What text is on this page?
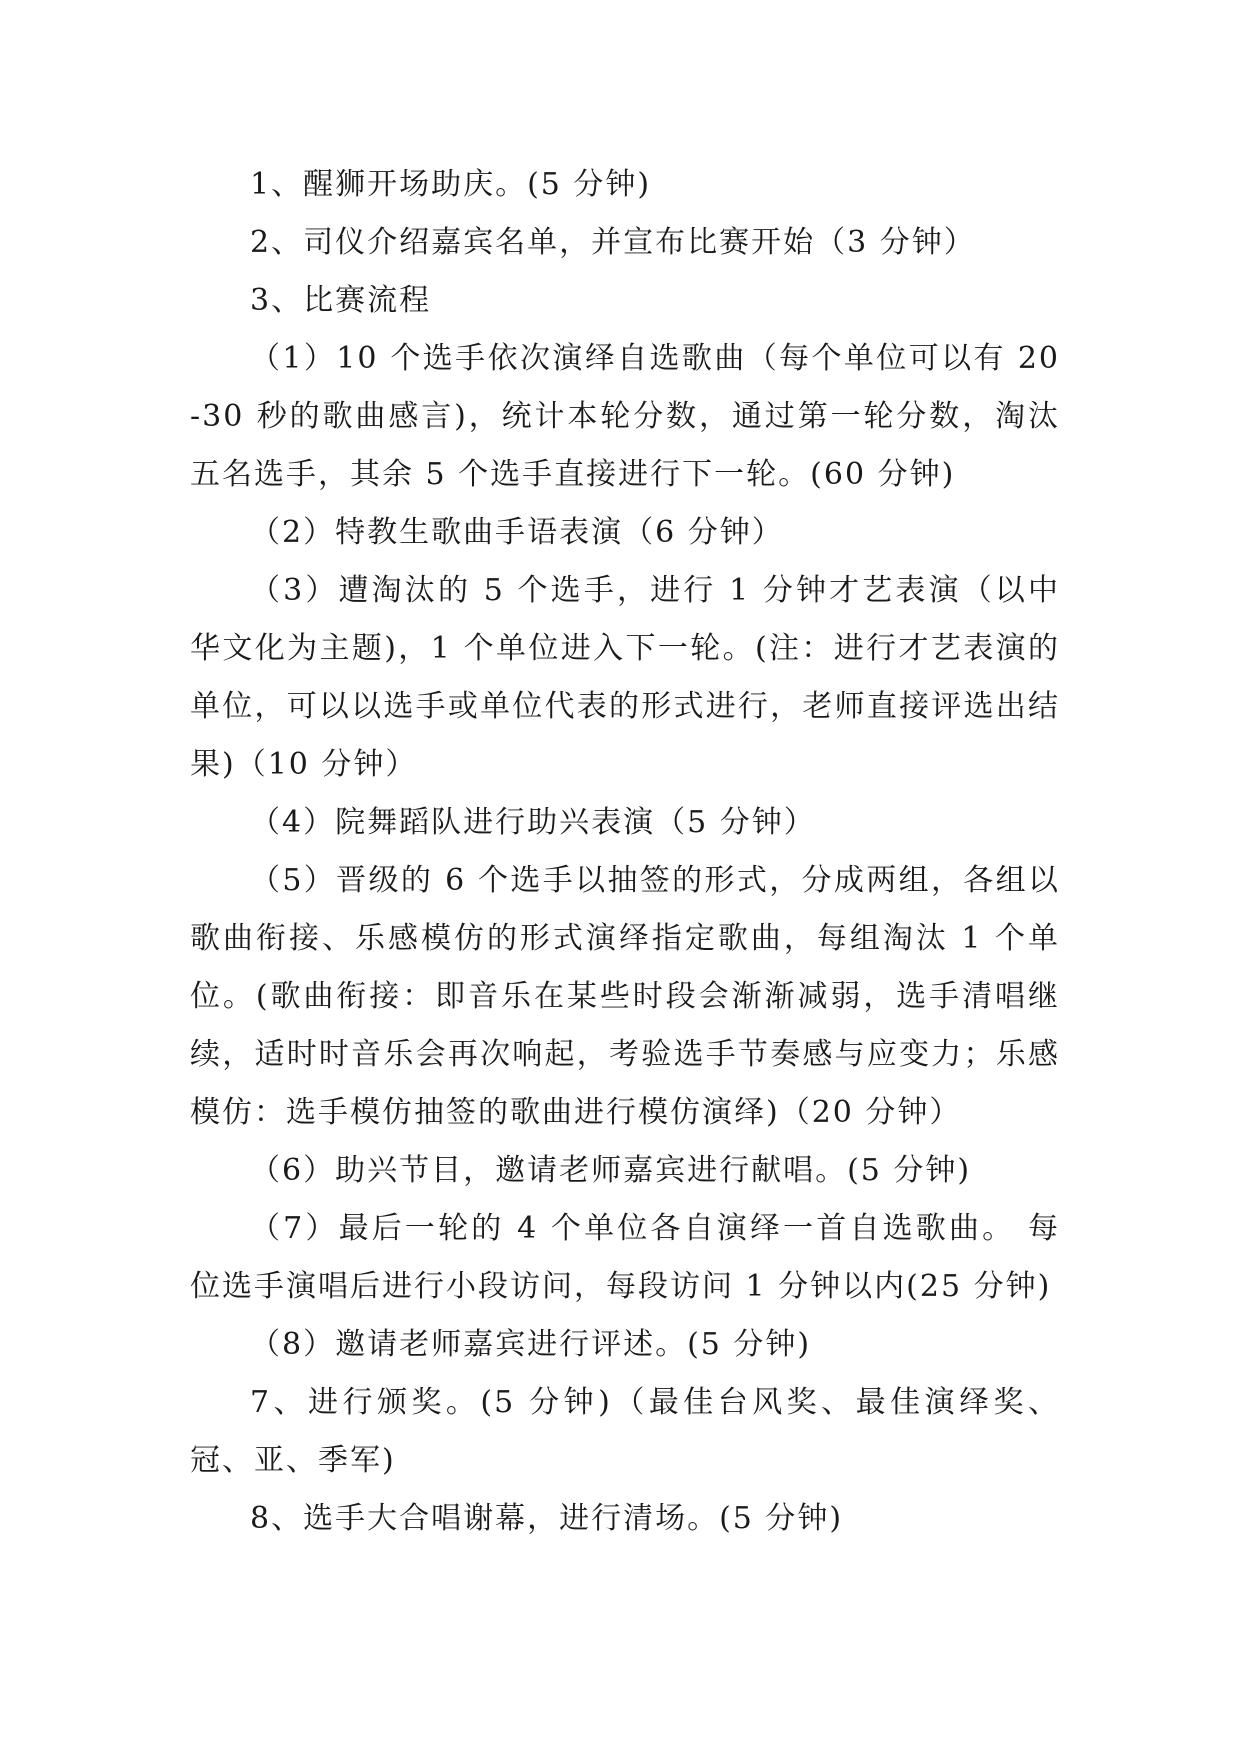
1、醒狮开场助庆。(5 分钟)

2、司仪介绍嘉宾名单，并宣布比赛开始（3 分钟）

3、比赛流程

（1）10 个选手依次演绎自选歌曲（每个单位可以有 20-30 秒的歌曲感言)，统计本轮分数，通过第一轮分数，淘汰五名选手，其余 5 个选手直接进行下一轮。(60 分钟)

（2）特教生歌曲手语表演（6 分钟）

（3）遭淘汰的 5 个选手，进行 1 分钟才艺表演（以中华文化为主题)，1 个单位进入下一轮。(注：进行才艺表演的单位，可以以选手或单位代表的形式进行，老师直接评选出结果)（10 分钟）

（4）院舞蹈队进行助兴表演（5 分钟）

（5）晋级的 6 个选手以抽签的形式，分成两组，各组以歌曲衔接、乐感模仿的形式演绎指定歌曲，每组淘汰 1 个单位。(歌曲衔接：即音乐在某些时段会渐渐减弱，选手清唱继续，适时时音乐会再次响起，考验选手节奏感与应变力；乐感模仿：选手模仿抽签的歌曲进行模仿演绎)（20 分钟）

（6）助兴节目，邀请老师嘉宾进行献唱。(5 分钟)

（7）最后一轮的 4 个单位各自演绎一首自选歌曲。 每位选手演唱后进行小段访问，每段访问 1 分钟以内(25 分钟)

（8）邀请老师嘉宾进行评述。(5 分钟)

7、进行颁奖。(5 分钟)（最佳台风奖、最佳演绎奖、冠、亚、季军)

8、选手大合唱谢幕，进行清场。(5 分钟)
